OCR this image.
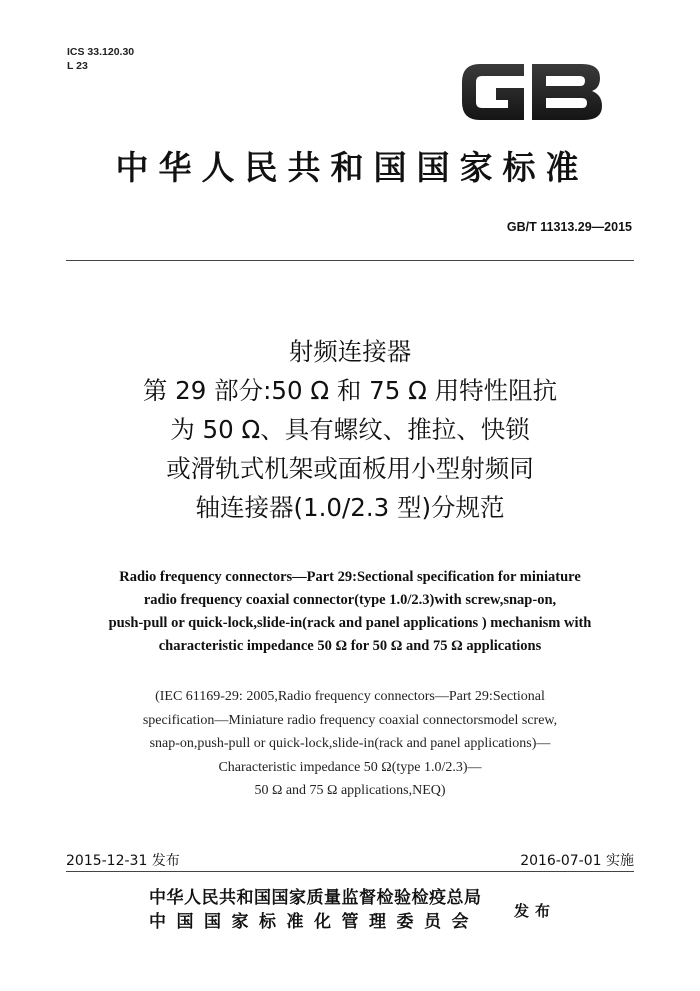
ICS 33.120.30
L 23
中华人民共和国国家标准
GB/T 11313.29—2015
射频连接器
第 29 部分:50 Ω 和 75 Ω 用特性阻抗
为 50 Ω、具有螺纹、推拉、快锁
或滑轨式机架或面板用小型射频同
轴连接器(1.0/2.3 型)分规范
Radio frequency connectors—Part 29:Sectional specification for miniature
radio frequency coaxial connector(type 1.0/2.3)with screw,snap-on,
push-pull or quick-lock,slide-in(rack and panel applications ) mechanism with
characteristic impedance 50 Ω for 50 Ω and 75 Ω applications
(IEC 61169-29: 2005,Radio frequency connectors—Part 29:Sectional
specification—Miniature radio frequency coaxial connectorsmodel screw,
snap-on,push-pull or quick-lock,slide-in(rack and panel applications)—
Characteristic impedance 50 Ω(type 1.0/2.3)—
50 Ω and 75 Ω applications,NEQ)
2015-12-31 发布	2016-07-01 实施
中华人民共和国国家质量监督检验检疫总局
中国国家标准化管理委员会
发布
